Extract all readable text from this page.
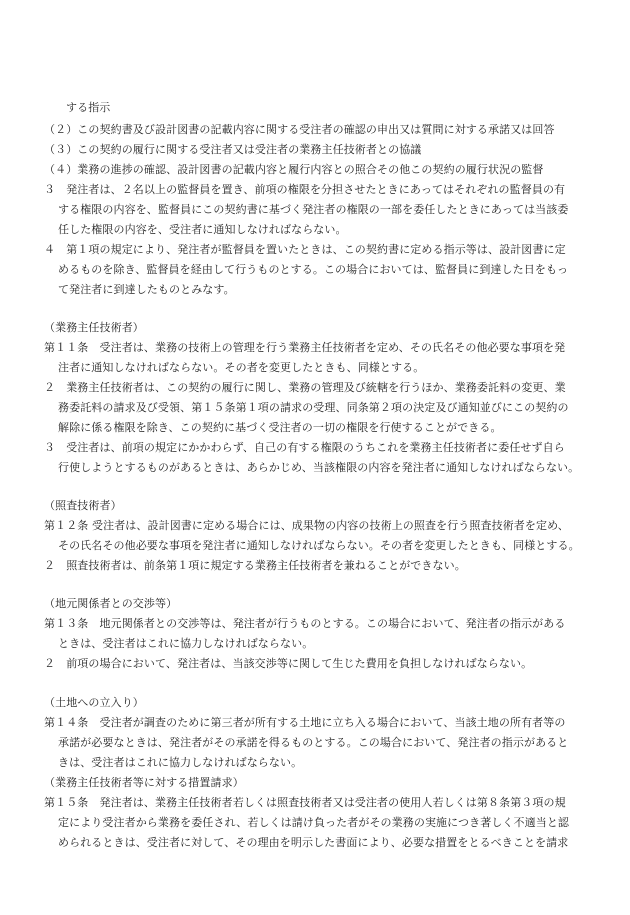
する指示
（２）この契約書及び設計図書の記載内容に関する受注者の確認の申出又は質問に対する承諾又は回答
（３）この契約の履行に関する受注者又は受注者の業務主任技術者との協議
（４）業務の進捗の確認、設計図書の記載内容と履行内容との照合その他この契約の履行状況の監督
３　発注者は、２名以上の監督員を置き、前項の権限を分担させたときにあってはそれぞれの監督員の有
する権限の内容を、監督員にこの契約書に基づく発注者の権限の一部を委任したときにあっては当該委
任した権限の内容を、受注者に通知しなければならない。
４　第１項の規定により、発注者が監督員を置いたときは、この契約書に定める指示等は、設計図書に定
めるものを除き、監督員を経由して行うものとする。この場合においては、監督員に到達した日をもっ
て発注者に到達したものとみなす。
（業務主任技術者）
第１１条　受注者は、業務の技術上の管理を行う業務主任技術者を定め、その氏名その他必要な事項を発
注者に通知しなければならない。その者を変更したときも、同様とする。
２　業務主任技術者は、この契約の履行に関し、業務の管理及び統轄を行うほか、業務委託料の変更、業
務委託料の請求及び受領、第１５条第１項の請求の受理、同条第２項の決定及び通知並びにこの契約の
解除に係る権限を除き、この契約に基づく受注者の一切の権限を行使することができる。
３　受注者は、前項の規定にかかわらず、自己の有する権限のうちこれを業務主任技術者に委任せず自ら
行使しようとするものがあるときは、あらかじめ、当該権限の内容を発注者に通知しなければならない。
（照査技術者）
第１２条 受注者は、設計図書に定める場合には、成果物の内容の技術上の照査を行う照査技術者を定め、
その氏名その他必要な事項を発注者に通知しなければならない。その者を変更したときも、同様とする。
２　照査技術者は、前条第１項に規定する業務主任技術者を兼ねることができない。
（地元関係者との交渉等）
第１３条　地元関係者との交渉等は、発注者が行うものとする。この場合において、発注者の指示がある
ときは、受注者はこれに協力しなければならない。
２　前項の場合において、発注者は、当該交渉等に関して生じた費用を負担しなければならない。
（土地への立入り）
第１４条　受注者が調査のために第三者が所有する土地に立ち入る場合において、当該土地の所有者等の
承諾が必要なときは、発注者がその承諾を得るものとする。この場合において、発注者の指示があると
きは、受注者はこれに協力しなければならない。
（業務主任技術者等に対する措置請求）
第１５条　発注者は、業務主任技術者若しくは照査技術者又は受注者の使用人若しくは第８条第３項の規
定により受注者から業務を委任され、若しくは請け負った者がその業務の実施につき著しく不適当と認
められるときは、受注者に対して、その理由を明示した書面により、必要な措置をとるべきことを請求
